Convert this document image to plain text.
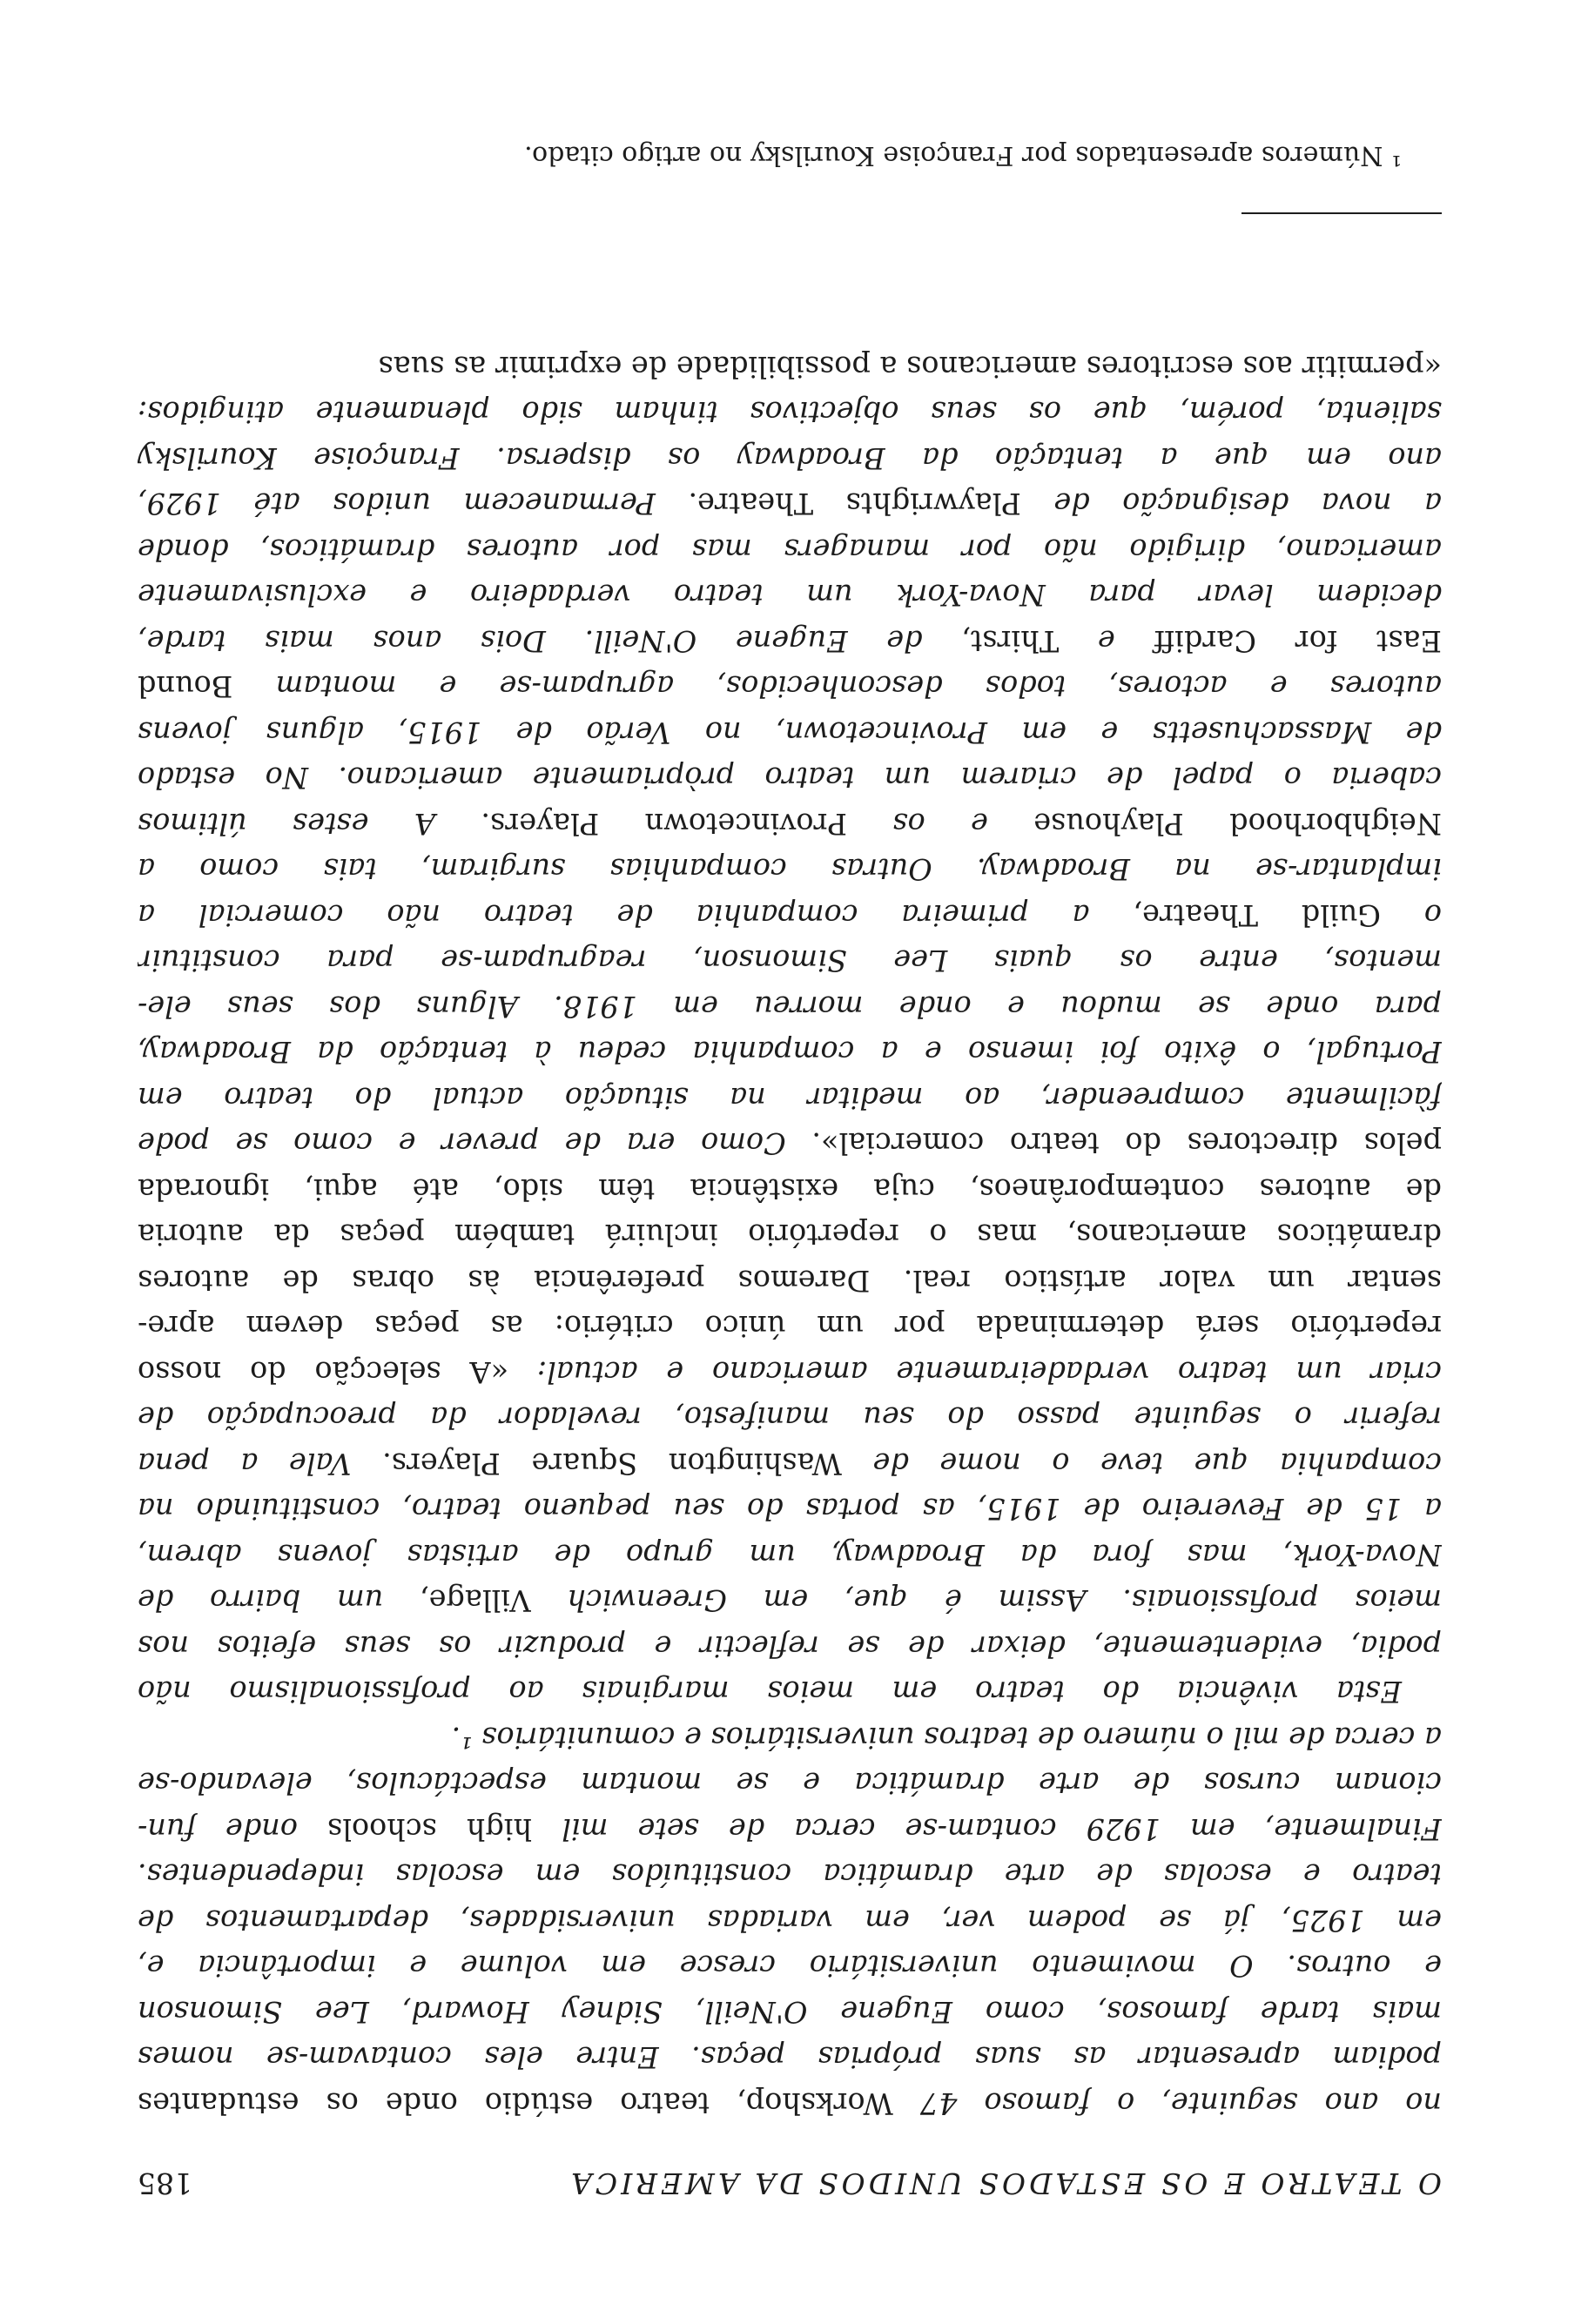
O TEATRO E OS ESTADOS UNIDOS DA AMERICA
185
no ano seguinte, o famoso 47 Workshop, teatro estúdio onde os estudantes
podiam apresentar as suas próprias peças. Entre eles contavam-se nomes
mais tarde famosos, como Eugene O'Neill, Sidney Howard, Lee Simonson
e outros. O movimento universitário cresce em volume e importância e,
em 1925, já se podem ver, em variadas universidades, departamentos de
teatro e escolas de arte dramática constituídos em escolas independentes.
Finalmente, em 1929 contam-se cerca de sete mil high schools onde fun-
cionam cursos de arte dramática e se montam espectáculos, elevando-se
a cerca de mil o número de teatros universitários e comunitários ¹.
Esta vivência do teatro em meios marginais ao profissionalismo não
podia, evidentemente, deixar de se reflectir e produzir os seus efeitos nos
meios profissionais. Assim é que, em Greenwich Village, um bairro de
Nova-York, mas fora da Broadway, um grupo de artistas jovens abrem,
a 15 de Fevereiro de 1915, as portas do seu pequeno teatro, constituindo na
companhia que teve o nome de Washington Square Players. Vale a pena
referir o seguinte passo do seu manifesto, revelador da preocupação de
criar um teatro verdadeiramente americano e actual: «A selecção do nosso
repertório será determinada por um único critério: as peças devem apre-
sentar um valor artístico real. Daremos preferência às obras de autores
dramáticos americanos, mas o repertório incluirá também peças da autoria
de autores contemporâneos, cuja existência têm sido, até aqui, ignorada
pelos directores do teatro comercial». Como era de prever e como se pode
fàcilmente compreender, ao meditar na situação actual do teatro em
Portugal, o êxito foi imenso e a companhia cedeu à tentação da Broadway,
para onde se mudou e onde morreu em 1918. Alguns dos seus ele-
mentos, entre os quais Lee Simonson, reagrupam-se para constituir
o Guild Theatre, a primeira companhia de teatro não comercial a
implantar-se na Broadway. Outras companhias surgiram, tais como a
Neighborhood Playhouse e os Provincetown Players. A estes últimos
caberia o papel de criarem um teatro pròpriamente americano. No estado
de Massachusetts e em Provincetown, no Verão de 1915, alguns jovens
autores e actores, todos desconhecidos, agrupam-se e montam Bound
East for Cardiff e Thirst, de Eugene O'Neill. Dois anos mais tarde,
decidem levar para Nova-York um teatro verdadeiro e exclusivamente
americano, dirigido não por managers mas por autores dramáticos, donde
a nova designação de Playwrights Theatre. Permanecem unidos até 1929,
ano em que a tentação da Broadway os dispersa. Françoise Kourilsky
salienta, porém, que os seus objectivos tinham sido plenamente atingidos:
«permitir aos escritores americanos a possibilidade de exprimir as suas
¹ Números apresentados por Françoise Kourilsky no artigo citado.
